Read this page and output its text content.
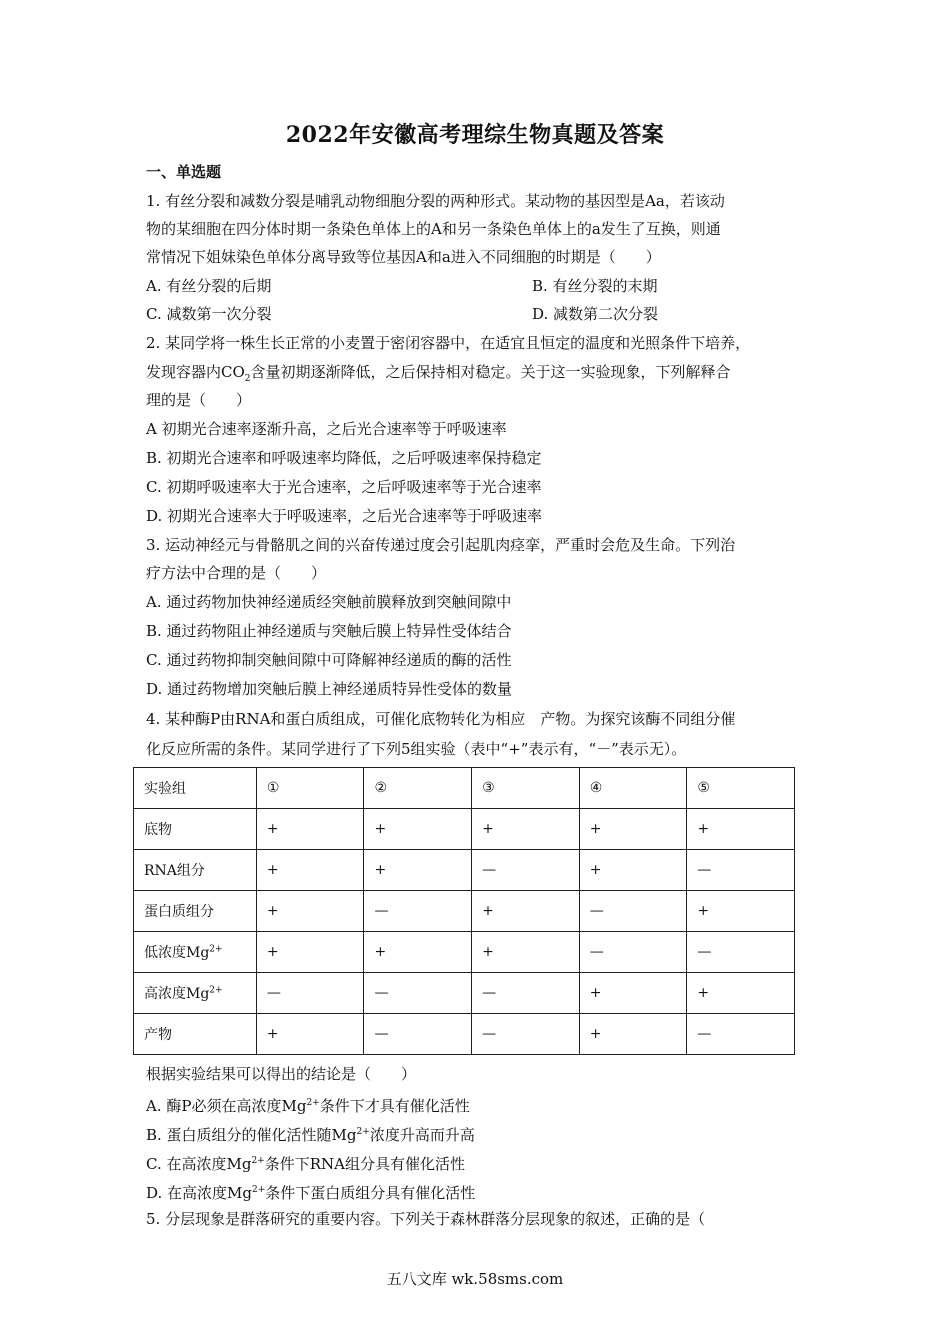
2022年安徽高考理综生物真题及答案
一、单选题
1. 有丝分裂和减数分裂是哺乳动物细胞分裂的两种形式。某动物的基因型是Aa，若该动
物的某细胞在四分体时期一条染色单体上的A和另一条染色单体上的a发生了互换，则通
常情况下姐妹染色单体分离导致等位基因A和a进入不同细胞的时期是（　　）
A. 有丝分裂的后期	B. 有丝分裂的末期
C. 减数第一次分裂	D. 减数第二次分裂
2. 某同学将一株生长正常的小麦置于密闭容器中，在适宜且恒定的温度和光照条件下培养，
发现容器内$CO_2$含量初期逐渐降低，之后保持相对稳定。关于这一实验现象，下列解释合
理的是（　　）
A 初期光合速率逐渐升高，之后光合速率等于呼吸速率
B. 初期光合速率和呼吸速率均降低，之后呼吸速率保持稳定
C. 初期呼吸速率大于光合速率，之后呼吸速率等于光合速率
D. 初期光合速率大于呼吸速率，之后光合速率等于呼吸速率
3. 运动神经元与骨骼肌之间的兴奋传递过度会引起肌肉痉挛，严重时会危及生命。下列治
疗方法中合理的是（　　）
A. 通过药物加快神经递质经突触前膜释放到突触间隙中
B. 通过药物阻止神经递质与突触后膜上特异性受体结合
C. 通过药物抑制突触间隙中可降解神经递质的酶的活性
D. 通过药物增加突触后膜上神经递质特异性受体的数量
4. 某种酶P由RNA和蛋白质组成，可催化底物转化为相应　产物。为探究该酶不同组分催
化反应所需的条件。某同学进行了下列5组实验（表中“+”表示有，“－”表示无）。
实验组	①	②	③	④	⑤
底物	+	+	+	+	+
RNA组分	+	+	—	+	—
蛋白质组分	+	—	+	—	+
低浓度$Mg^{2+}$	+	+	+	—	—
高浓度$Mg^{2+}$	—	—	—	+	+
产物	+	—	—	+	—
根据实验结果可以得出的结论是（　　）
A. 酶P必须在高浓度$Mg^{2+}$条件下才具有催化活性
B. 蛋白质组分的催化活性随$Mg^{2+}$浓度升高而升高
C. 在高浓度$Mg^{2+}$条件下RNA组分具有催化活性
D. 在高浓度$Mg^{2+}$条件下蛋白质组分具有催化活性
5. 分层现象是群落研究的重要内容。下列关于森林群落分层现象的叙述，正确的是（
五八文库 wk.58sms.com
